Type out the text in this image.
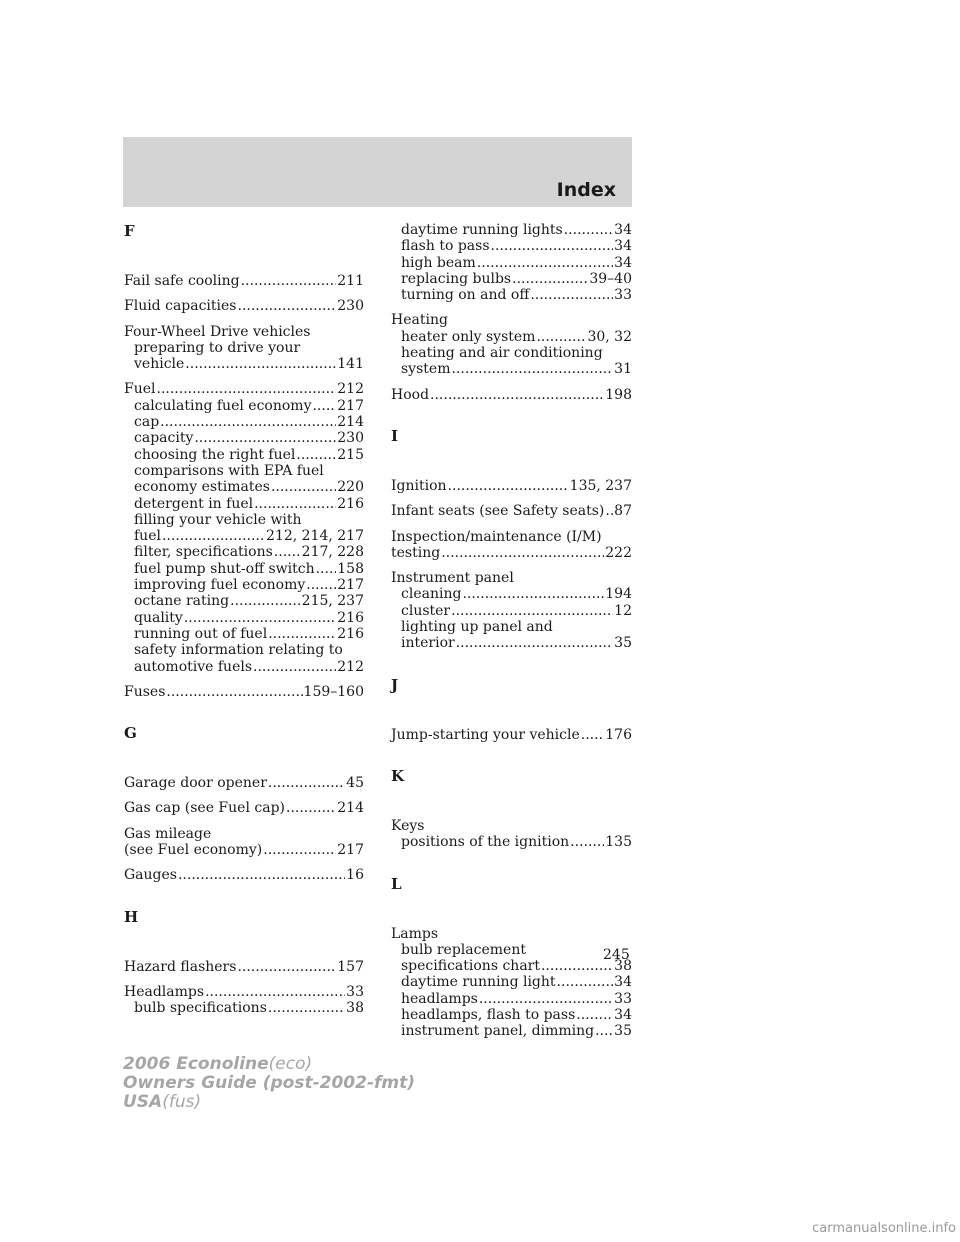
Index
F
Fail safe cooling .....	211
Fluid capacities .....	230
Four-Wheel Drive vehicles
preparing to drive your
vehicle .....	141
Fuel .....	212
calculating fuel economy ..... 217
cap .....	214
capacity .....	230
choosing the right fuel .....	215
comparisons with EPA fuel
economy estimates .....	220
detergent in fuel .....	216
filling your vehicle with
fuel .....	212, 214, 217
filter, specifications ..... 217, 228
fuel pump shut-off switch ..... 158
improving fuel economy ..... 217
octane rating .....	215, 237
quality .....	216
running out of fuel .....	216
safety information relating to
automotive fuels .....	212
Fuses .....	159–160
G
Garage door opener .....	45
Gas cap (see Fuel cap) .....	214
Gas mileage
(see Fuel economy) .....	217
Gauges .....	16
H
Hazard flashers .....	157
Headlamps .....	33
bulb specifications .....	38
daytime running lights .....	34
flash to pass .....	34
high beam .....	34
replacing bulbs .....	39–40
turning on and off .....	33
Heating
heater only system .....	30, 32
heating and air conditioning
system .....	31
Hood .....	198
I
Ignition .....	135, 237
Infant seats (see Safety seats) ..... 87
Inspection/maintenance (I/M)
testing .....	222
Instrument panel
cleaning .....	194
cluster .....	12
lighting up panel and
interior .....	35
J
Jump-starting your vehicle ..... 176
K
Keys
positions of the ignition .....	135
L
Lamps
bulb replacement
specifications chart .....	38
daytime running light .....	34
headlamps .....	33
headlamps, flash to pass .....	34
instrument panel, dimming ..... 35
245
2006 Econoline(eco)
Owners Guide (post-2002-fmt)
USA(fus)
carmanualsonline.info
